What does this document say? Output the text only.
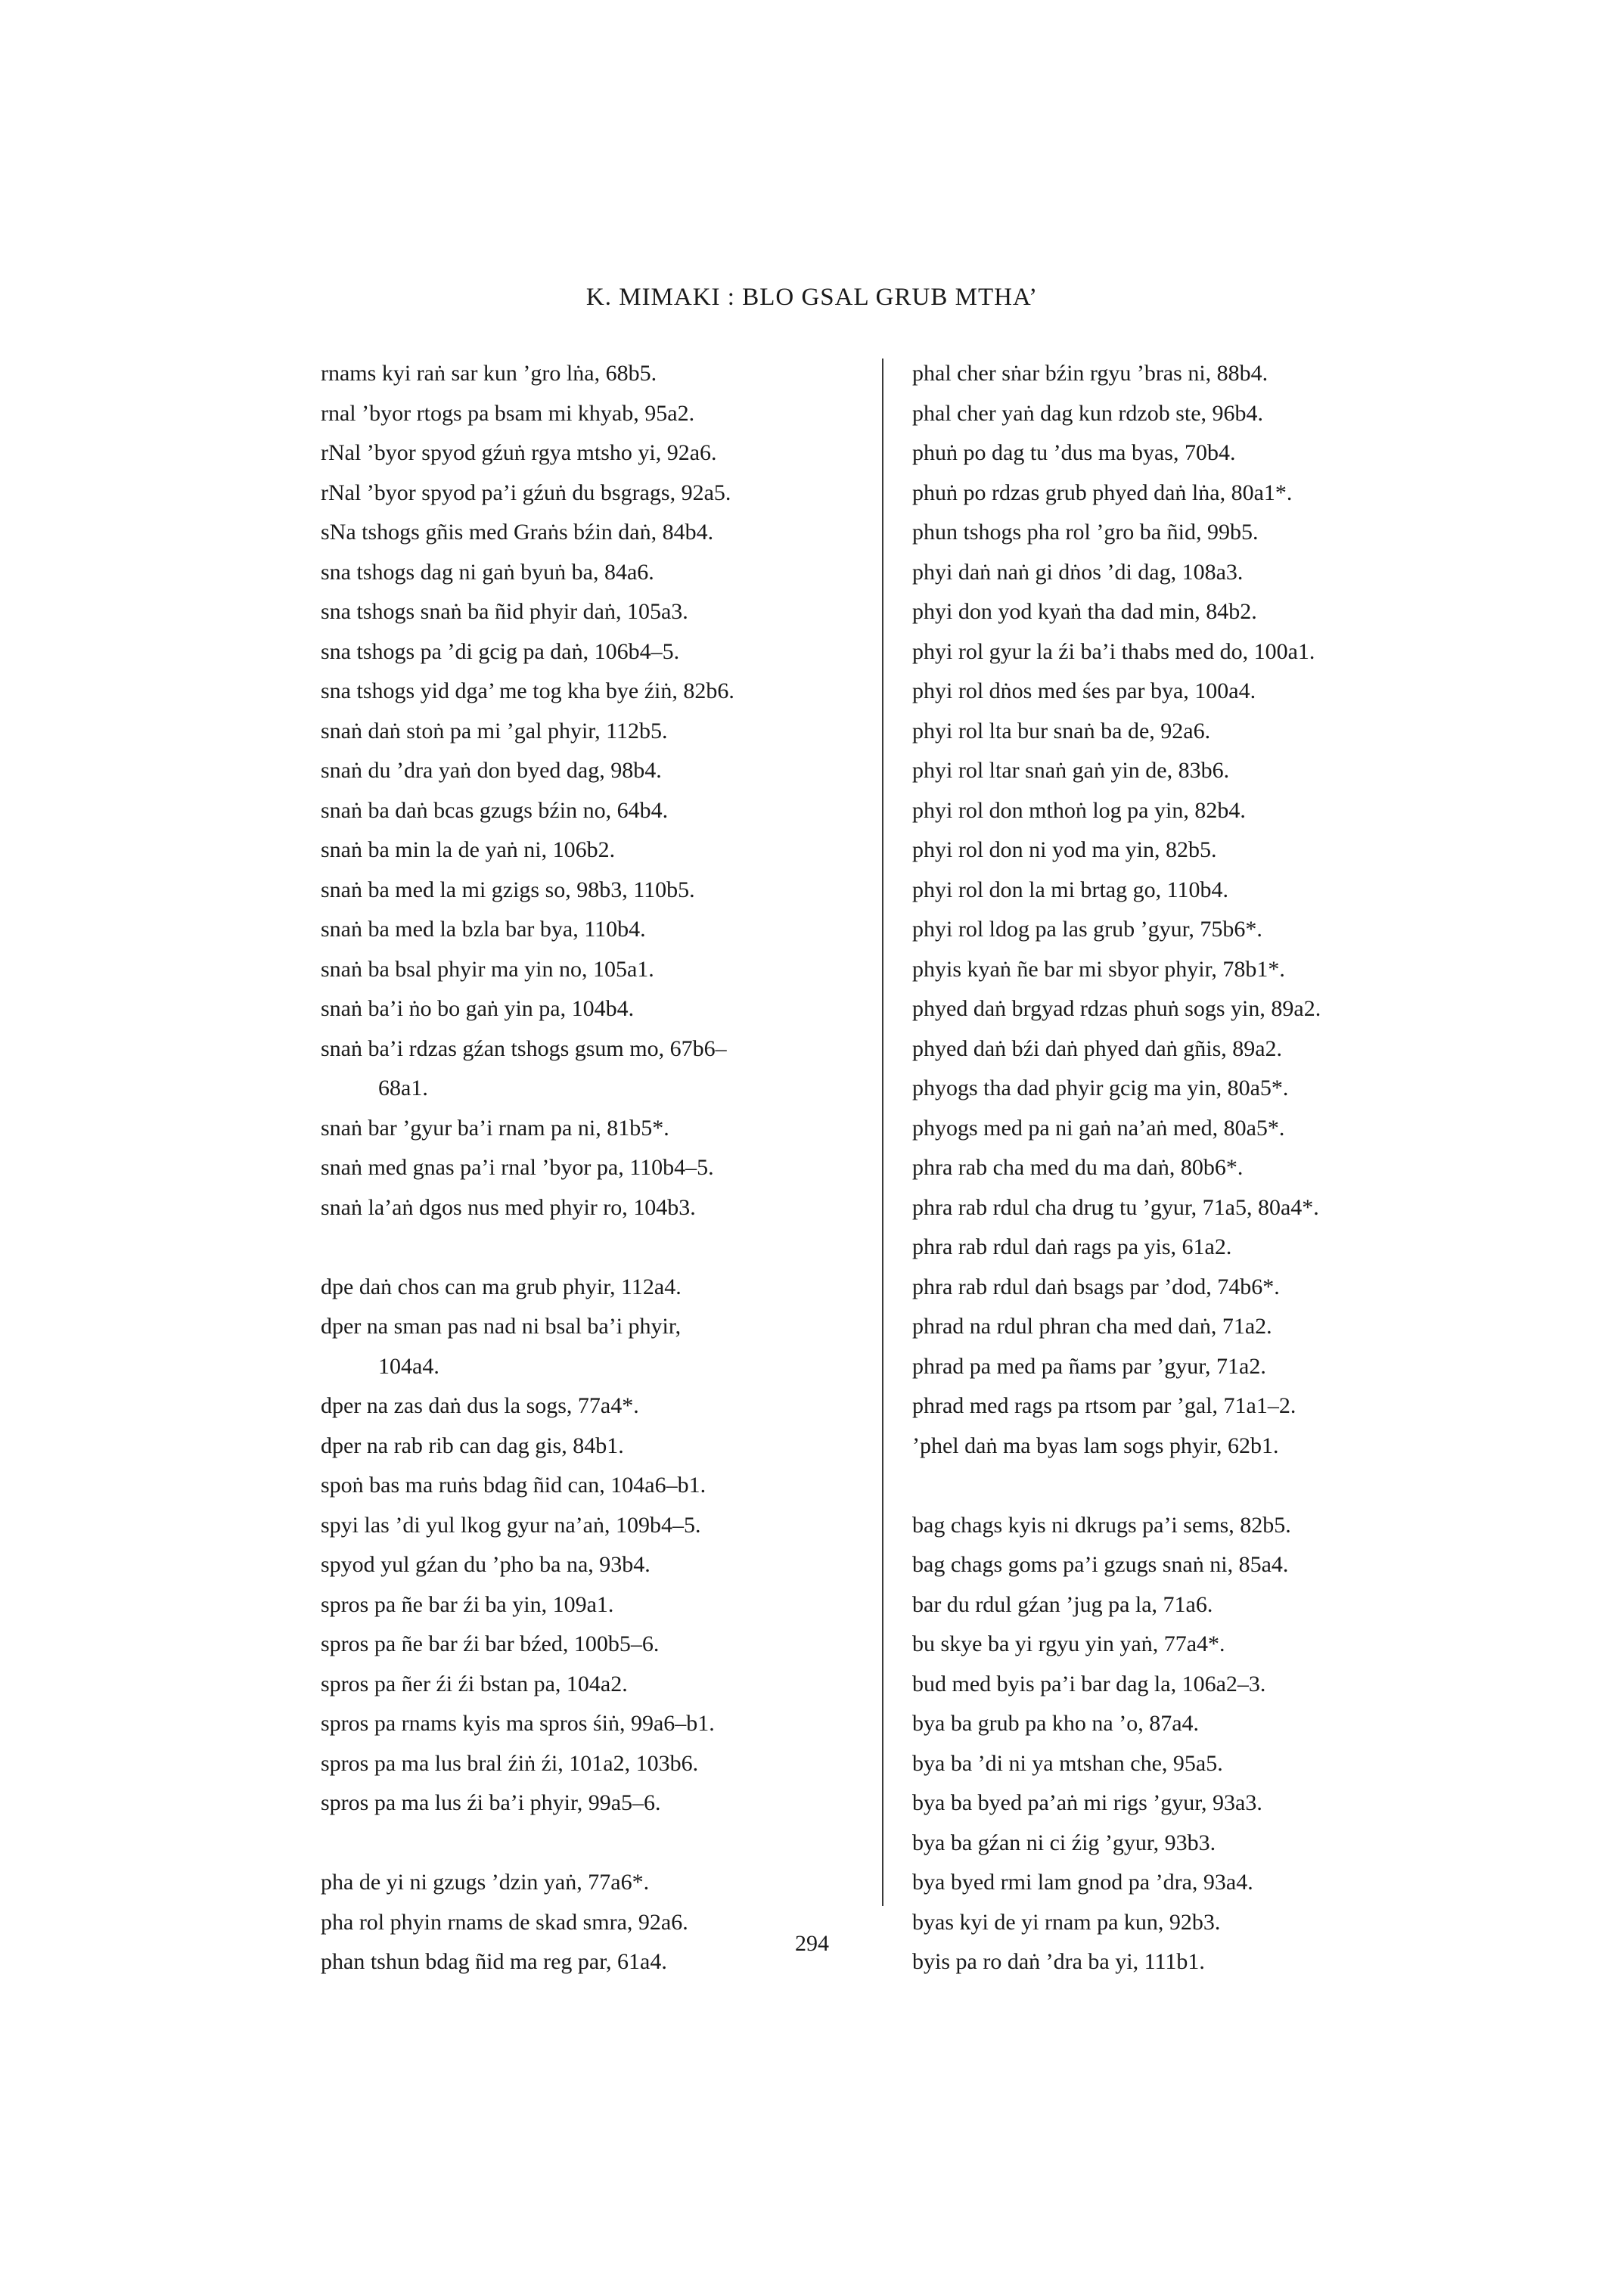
K. MIMAKI : BLO GSAL GRUB MTHA’
rnams kyi raṅ sar kun ’gro lṅa, 68b5.
rnal ’byor rtogs pa bsam mi khyab, 95a2.
rNal ’byor spyod gźuṅ rgya mtsho yi, 92a6.
rNal ’byor spyod pa’i gźuṅ du bsgrags, 92a5.
sNa tshogs gñis med Graṅs bźin daṅ, 84b4.
sna tshogs dag ni gaṅ byuṅ ba, 84a6.
sna tshogs snaṅ ba ñid phyir daṅ, 105a3.
sna tshogs pa ’di gcig pa daṅ, 106b4–5.
sna tshogs yid dga’ me tog kha bye źiṅ, 82b6.
snaṅ daṅ stoṅ pa mi ’gal phyir, 112b5.
snaṅ du ’dra yaṅ don byed dag, 98b4.
snaṅ ba daṅ bcas gzugs bźin no, 64b4.
snaṅ ba min la de yaṅ ni, 106b2.
snaṅ ba med la mi gzigs so, 98b3, 110b5.
snaṅ ba med la bzla bar bya, 110b4.
snaṅ ba bsal phyir ma yin no, 105a1.
snaṅ ba’i ṅo bo gaṅ yin pa, 104b4.
snaṅ ba’i rdzas gźan tshogs gsum mo, 67b6–
68a1.
snaṅ bar ’gyur ba’i rnam pa ni, 81b5*.
snaṅ med gnas pa’i rnal ’byor pa, 110b4–5.
snaṅ la’aṅ dgos nus med phyir ro, 104b3.
dpe daṅ chos can ma grub phyir, 112a4.
dper na sman pas nad ni bsal ba’i phyir,
104a4.
dper na zas daṅ dus la sogs, 77a4*.
dper na rab rib can dag gis, 84b1.
spoṅ bas ma ruṅs bdag ñid can, 104a6–b1.
spyi las ’di yul lkog gyur na’aṅ, 109b4–5.
spyod yul gźan du ’pho ba na, 93b4.
spros pa ñe bar źi ba yin, 109a1.
spros pa ñe bar źi bar bźed, 100b5–6.
spros pa ñer źi źi bstan pa, 104a2.
spros pa rnams kyis ma spros śiṅ, 99a6–b1.
spros pa ma lus bral źiṅ źi, 101a2, 103b6.
spros pa ma lus źi ba’i phyir, 99a5–6.
pha de yi ni gzugs ’dzin yaṅ, 77a6*.
pha rol phyin rnams de skad smra, 92a6.
phan tshun bdag ñid ma reg par, 61a4.
phal cher sṅar bźin rgyu ’bras ni, 88b4.
phal cher yaṅ dag kun rdzob ste, 96b4.
phuṅ po dag tu ’dus ma byas, 70b4.
phuṅ po rdzas grub phyed daṅ lṅa, 80a1*.
phun tshogs pha rol ’gro ba ñid, 99b5.
phyi daṅ naṅ gi dṅos ’di dag, 108a3.
phyi don yod kyaṅ tha dad min, 84b2.
phyi rol gyur la źi ba’i thabs med do, 100a1.
phyi rol dṅos med śes par bya, 100a4.
phyi rol lta bur snaṅ ba de, 92a6.
phyi rol ltar snaṅ gaṅ yin de, 83b6.
phyi rol don mthoṅ log pa yin, 82b4.
phyi rol don ni yod ma yin, 82b5.
phyi rol don la mi brtag go, 110b4.
phyi rol ldog pa las grub ’gyur, 75b6*.
phyis kyaṅ ñe bar mi sbyor phyir, 78b1*.
phyed daṅ brgyad rdzas phuṅ sogs yin, 89a2.
phyed daṅ bźi daṅ phyed daṅ gñis, 89a2.
phyogs tha dad phyir gcig ma yin, 80a5*.
phyogs med pa ni gaṅ na’aṅ med, 80a5*.
phra rab cha med du ma daṅ, 80b6*.
phra rab rdul cha drug tu ’gyur, 71a5, 80a4*.
phra rab rdul daṅ rags pa yis, 61a2.
phra rab rdul daṅ bsags par ’dod, 74b6*.
phrad na rdul phran cha med daṅ, 71a2.
phrad pa med pa ñams par ’gyur, 71a2.
phrad med rags pa rtsom par ’gal, 71a1–2.
’phel daṅ ma byas lam sogs phyir, 62b1.
bag chags kyis ni dkrugs pa’i sems, 82b5.
bag chags goms pa’i gzugs snaṅ ni, 85a4.
bar du rdul gźan ’jug pa la, 71a6.
bu skye ba yi rgyu yin yaṅ, 77a4*.
bud med byis pa’i bar dag la, 106a2–3.
bya ba grub pa kho na ’o, 87a4.
bya ba ’di ni ya mtshan che, 95a5.
bya ba byed pa’aṅ mi rigs ’gyur, 93a3.
bya ba gźan ni ci źig ’gyur, 93b3.
bya byed rmi lam gnod pa ’dra, 93a4.
byas kyi de yi rnam pa kun, 92b3.
byis pa ro daṅ ’dra ba yi, 111b1.
294
